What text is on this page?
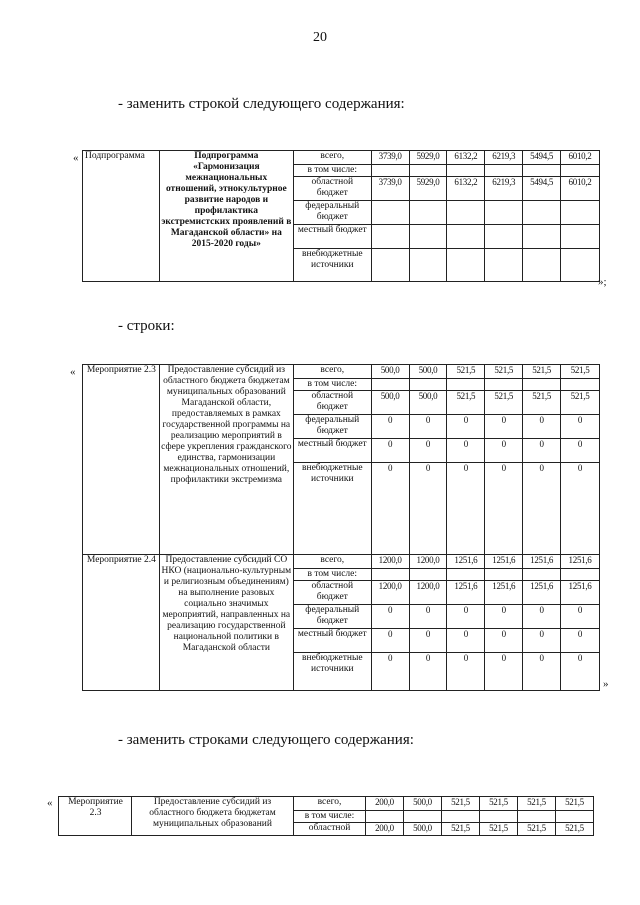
20
- заменить строкой следующего содержания:
« Подпрограмма	Подпрограмма «Гармонизация межнациональных отношений, этнокультурное развитие народов и профилактика экстремистских проявлений в Магаданской области» на 2015-2020 годы»	всего,	3739,0	5929,0	6132,2	6219,3	5494,5	6010,2
		в том числе:						
		областной бюджет	3739,0	5929,0	6132,2	6219,3	5494,5	6010,2
		федеральный бюджет						
		местный бюджет						
		внебюджетные источники						
»;
- строки:
« Мероприятие 2.3	Предоставление субсидий из областного бюджета бюджетам муниципальных образований Магаданской области, предоставляемых в рамках государственной программы на реализацию мероприятий в сфере укрепления гражданского единства, гармонизации межнациональных отношений, профилактики экстремизма	всего,	500,0	500,0	521,5	521,5	521,5	521,5
		в том числе:						
		областной бюджет	500,0	500,0	521,5	521,5	521,5	521,5
		федеральный бюджет	0	0	0	0	0	0
		местный бюджет	0	0	0	0	0	0
		внебюджетные источники	0	0	0	0	0	0
Мероприятие 2.4	Предоставление субсидий СО НКО (национально-культурным и религиозным объединениям) на выполнение разовых социально значимых мероприятий, направленных на реализацию государственной национальной политики в Магаданской области	всего,	1200,0	1200,0	1251,6	1251,6	1251,6	1251,6
		в том числе:						
		областной бюджет	1200,0	1200,0	1251,6	1251,6	1251,6	1251,6
		федеральный бюджет	0	0	0	0	0	0
		местный бюджет	0	0	0	0	0	0
		внебюджетные источники	0	0	0	0	0	0
»
- заменить строками следующего содержания:
« Мероприятие 2.3	Предоставление субсидий из областного бюджета бюджетам муниципальных образований	всего,	200,0	500,0	521,5	521,5	521,5	521,5
		в том числе:						
		областной	200,0	500,0	521,5	521,5	521,5	521,5
